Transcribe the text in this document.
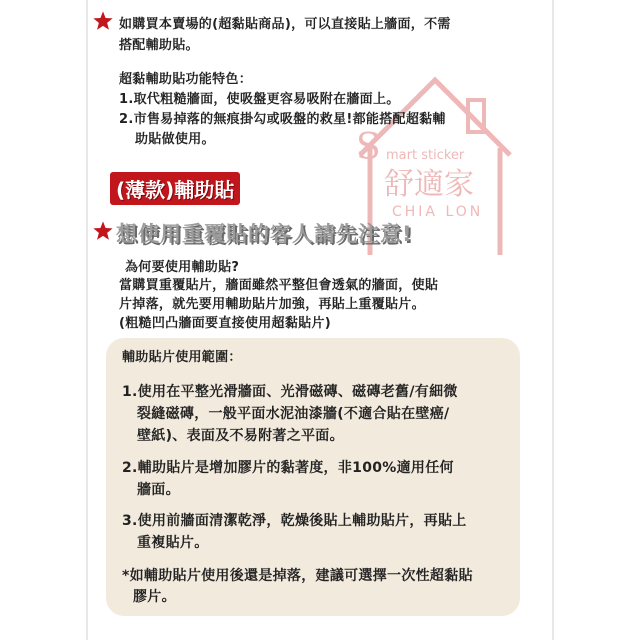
S mart sticker
舒適家
CHIA LON
如購買本賣場的(超黏貼商品)，可以直接貼上牆面，不需
搭配輔助貼。
超黏輔助貼功能特色：
1.取代粗糙牆面，使吸盤更容易吸附在牆面上。
2.市售易掉落的無痕掛勾或吸盤的救星!都能搭配超黏輔
助貼做使用。
(薄款)輔助貼
想使用重覆貼的客人請先注意!
為何要使用輔助貼?
當購買重覆貼片，牆面雖然平整但會透氣的牆面，使貼
片掉落，就先要用輔助貼片加強，再貼上重覆貼片。
(粗糙凹凸牆面要直接使用超黏貼片)
輔助貼片使用範圍：
1.使用在平整光滑牆面、光滑磁磚、磁磚老舊/有細微
裂縫磁磚，一般平面水泥油漆牆(不適合貼在壁癌/
壁紙)、表面及不易附著之平面。
2.輔助貼片是增加膠片的黏著度，非100%適用任何
牆面。
3.使用前牆面清潔乾淨，乾燥後貼上輔助貼片，再貼上
重複貼片。
*如輔助貼片使用後還是掉落，建議可選擇一次性超黏貼
膠片。
